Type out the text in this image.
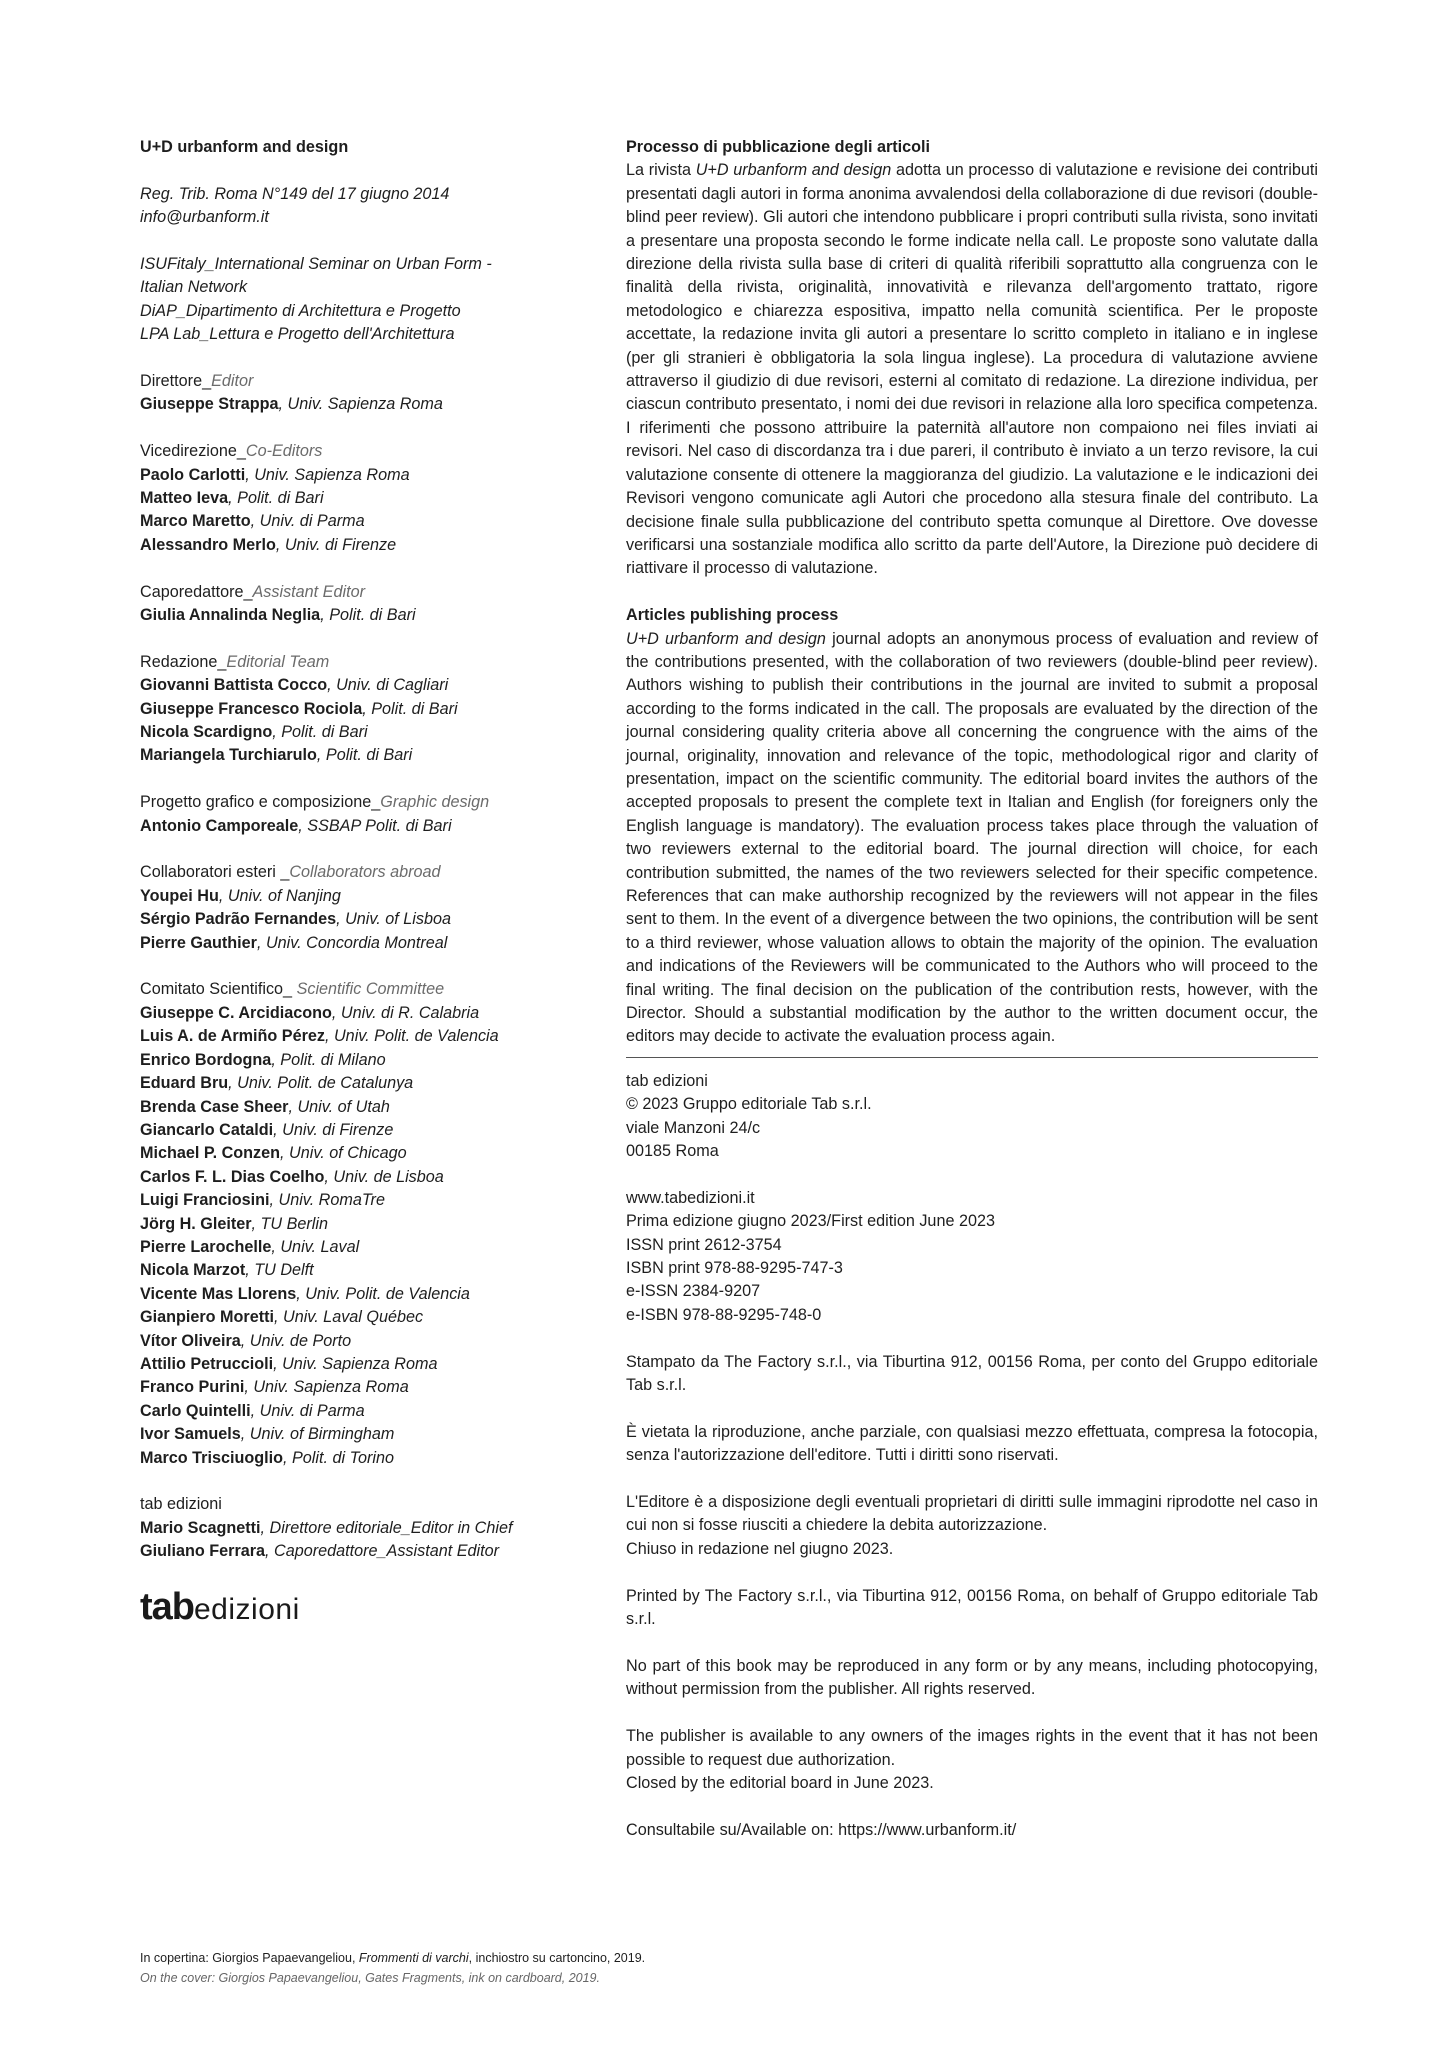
U+D urbanform and design
Reg. Trib. Roma N°149 del 17 giugno 2014
info@urbanform.it
ISUFitaly_International Seminar on Urban Form -
Italian Network
DiAP_Dipartimento di Architettura e Progetto
LPA Lab_Lettura e Progetto dell'Architettura
Direttore_Editor
Giuseppe Strappa, Univ. Sapienza Roma
Vicedirezione_Co-Editors
Paolo Carlotti, Univ. Sapienza Roma
Matteo Ieva, Polit. di Bari
Marco Maretto, Univ. di Parma
Alessandro Merlo, Univ. di Firenze
Caporedattore_Assistant Editor
Giulia Annalinda Neglia, Polit. di Bari
Redazione_Editorial Team
Giovanni Battista Cocco, Univ. di Cagliari
Giuseppe Francesco Rociola, Polit. di Bari
Nicola Scardigno, Polit. di Bari
Mariangela Turchiarulo, Polit. di Bari
Progetto grafico e composizione_Graphic design
Antonio Camporeale, SSBAP Polit. di Bari
Collaboratori esteri _Collaborators abroad
Youpei Hu, Univ. of Nanjing
Sérgio Padrão Fernandes, Univ. of Lisboa
Pierre Gauthier, Univ. Concordia Montreal
Comitato Scientifico_ Scientific Committee
Giuseppe C. Arcidiacono, Univ. di R. Calabria
Luis A. de Armiño Pérez, Univ. Polit. de Valencia
Enrico Bordogna, Polit. di Milano
Eduard Bru, Univ. Polit. de Catalunya
Brenda Case Sheer, Univ. of Utah
Giancarlo Cataldi, Univ. di Firenze
Michael P. Conzen, Univ. of Chicago
Carlos F. L. Dias Coelho, Univ. de Lisboa
Luigi Franciosini, Univ. RomaTre
Jörg H. Gleiter, TU Berlin
Pierre Larochelle, Univ. Laval
Nicola Marzot, TU Delft
Vicente Mas Llorens, Univ. Polit. de Valencia
Gianpiero Moretti, Univ. Laval Québec
Vítor Oliveira, Univ. de Porto
Attilio Petruccioli, Univ. Sapienza Roma
Franco Purini, Univ. Sapienza Roma
Carlo Quintelli, Univ. di Parma
Ivor Samuels, Univ. of Birmingham
Marco Trisciuoglio, Polit. di Torino
tab edizioni
Mario Scagnetti, Direttore editoriale_Editor in Chief
Giuliano Ferrara, Caporedattore_Assistant Editor
tabedizioni
Processo di pubblicazione degli articoli
La rivista U+D urbanform and design adotta un processo di valutazione e revisione dei contributi presentati dagli autori in forma anonima avvalendosi della collaborazione di due revisori (double-blind peer review). Gli autori che intendono pubblicare i propri contributi sulla rivista, sono invitati a presentare una proposta secondo le forme indicate nella call. Le proposte sono valutate dalla direzione della rivista sulla base di criteri di qualità riferibili soprattutto alla congruenza con le finalità della rivista, originalità, innovatività e rilevanza dell'argomento trattato, rigore metodologico e chiarezza espositiva, impatto nella comunità scientifica. Per le proposte accettate, la redazione invita gli autori a presentare lo scritto completo in italiano e in inglese (per gli stranieri è obbligatoria la sola lingua inglese). La procedura di valutazione avviene attraverso il giudizio di due revisori, esterni al comitato di redazione. La direzione individua, per ciascun contributo presentato, i nomi dei due revisori in relazione alla loro specifica competenza. I riferimenti che possono attribuire la paternità all'autore non compaiono nei files inviati ai revisori. Nel caso di discordanza tra i due pareri, il contributo è inviato a un terzo revisore, la cui valutazione consente di ottenere la maggioranza del giudizio. La valutazione e le indicazioni dei Revisori vengono comunicate agli Autori che procedono alla stesura finale del contributo. La decisione finale sulla pubblicazione del contributo spetta comunque al Direttore. Ove dovesse verificarsi una sostanziale modifica allo scritto da parte dell'Autore, la Direzione può decidere di riattivare il processo di valutazione.
Articles publishing process
U+D urbanform and design journal adopts an anonymous process of evaluation and review of the contributions presented, with the collaboration of two reviewers (double-blind peer review). Authors wishing to publish their contributions in the journal are invited to submit a proposal according to the forms indicated in the call. The proposals are evaluated by the direction of the journal considering quality criteria above all concerning the congruence with the aims of the journal, originality, innovation and relevance of the topic, methodological rigor and clarity of presentation, impact on the scientific community. The editorial board invites the authors of the accepted proposals to present the complete text in Italian and English (for foreigners only the English language is mandatory). The evaluation process takes place through the valuation of two reviewers external to the editorial board. The journal direction will choice, for each contribution submitted, the names of the two reviewers selected for their specific competence. References that can make authorship recognized by the reviewers will not appear in the files sent to them. In the event of a divergence between the two opinions, the contribution will be sent to a third reviewer, whose valuation allows to obtain the majority of the opinion. The evaluation and indications of the Reviewers will be communicated to the Authors who will proceed to the final writing. The final decision on the publication of the contribution rests, however, with the Director. Should a substantial modification by the author to the written document occur, the editors may decide to activate the evaluation process again.
tab edizioni
© 2023 Gruppo editoriale Tab s.r.l.
viale Manzoni 24/c
00185 Roma
www.tabedizioni.it
Prima edizione giugno 2023/First edition June 2023
ISSN print 2612-3754
ISBN print 978-88-9295-747-3
e-ISSN 2384-9207
e-ISBN 978-88-9295-748-0
Stampato da The Factory s.r.l., via Tiburtina 912, 00156 Roma, per conto del Gruppo editoriale Tab s.r.l.
È vietata la riproduzione, anche parziale, con qualsiasi mezzo effettuata, compresa la fotocopia, senza l'autorizzazione dell'editore. Tutti i diritti sono riservati.
L'Editore è a disposizione degli eventuali proprietari di diritti sulle immagini riprodotte nel caso in cui non si fosse riusciti a chiedere la debita autorizzazione.
Chiuso in redazione nel giugno 2023.
Printed by The Factory s.r.l., via Tiburtina 912, 00156 Roma, on behalf of Gruppo editoriale Tab s.r.l.
No part of this book may be reproduced in any form or by any means, including photocopying, without permission from the publisher. All rights reserved.
The publisher is available to any owners of the images rights in the event that it has not been possible to request due authorization.
Closed by the editorial board in June 2023.
Consultabile su/Available on: https://www.urbanform.it/
In copertina: Giorgios Papaevangeliou, Frommenti di varchi, inchiostro su cartoncino, 2019.
On the cover: Giorgios Papaevangeliou, Gates Fragments, ink on cardboard, 2019.
